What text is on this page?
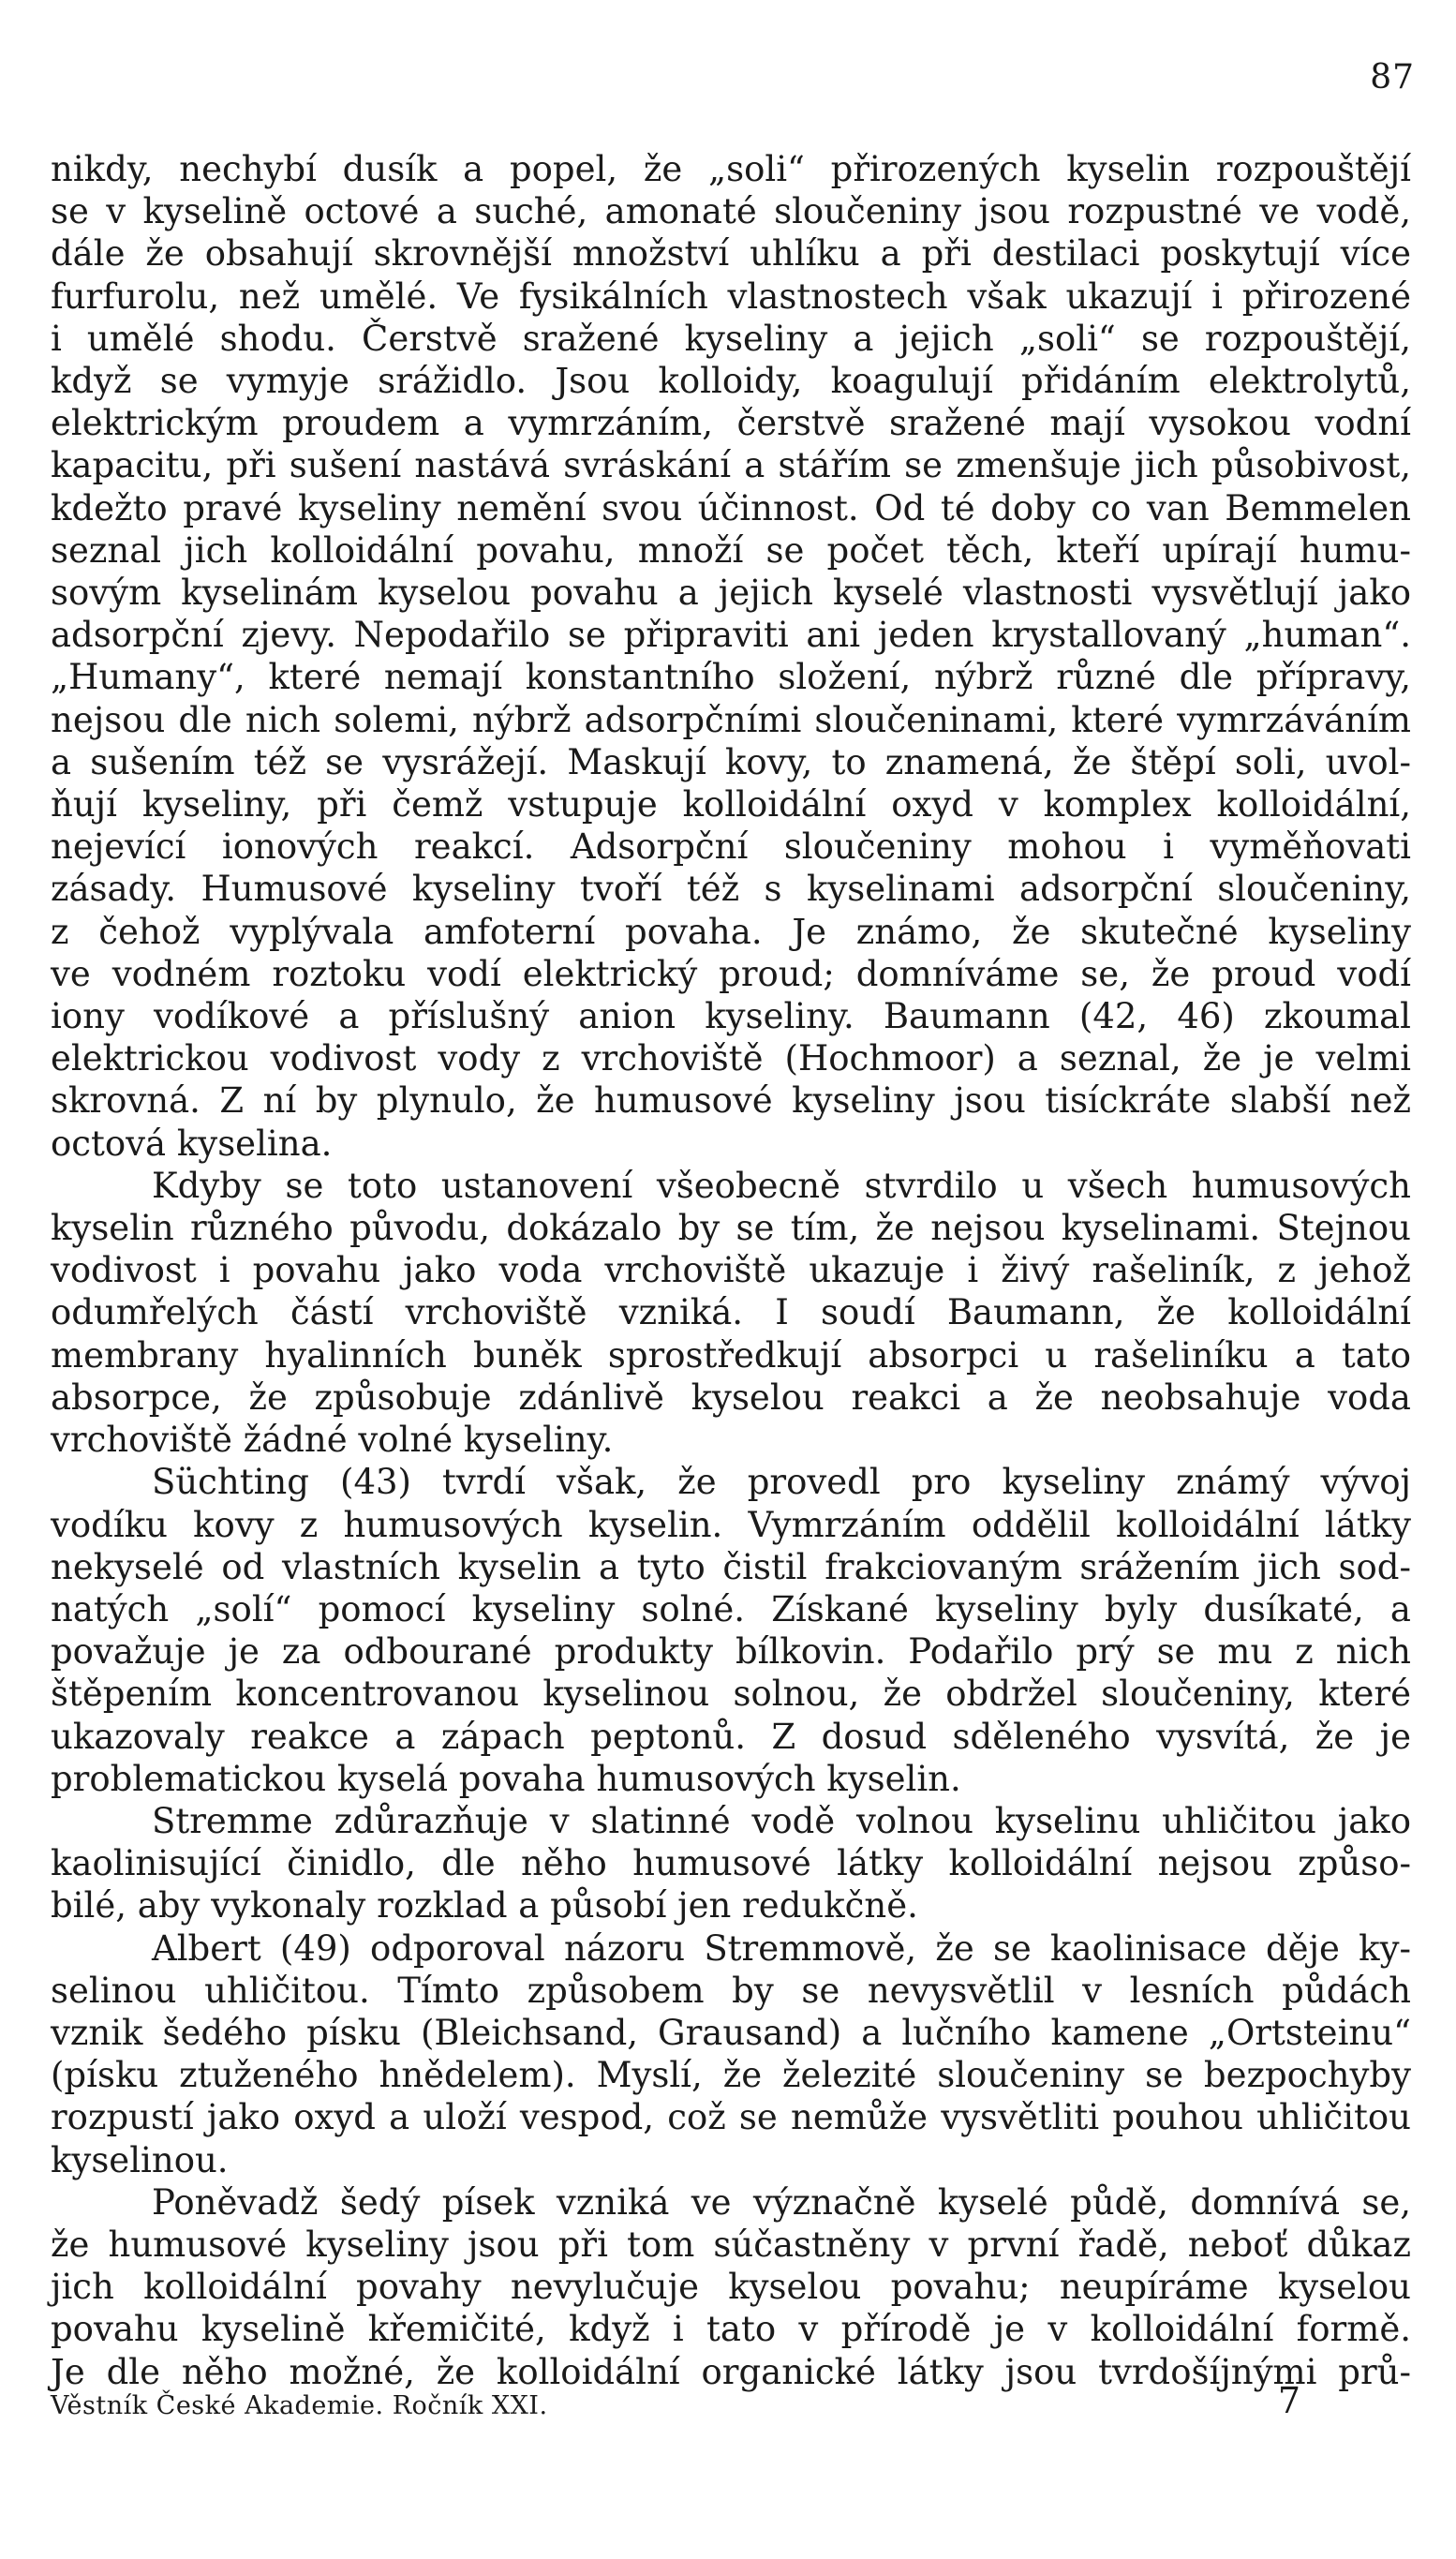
87
nikdy, nechybí dusík a popel, že „soli“ přirozených kyselin rozpouštějí
se v kyselině octové a suché, amonaté sloučeniny jsou rozpustné ve vodě,
dále že obsahují skrovnější množství uhlíku a při destilaci poskytují více
furfurolu, než umělé. Ve fysikálních vlastnostech však ukazují i přirozené
i umělé shodu. Čerstvě sražené kyseliny a jejich „soli“ se rozpouštějí,
když se vymyje srážidlo. Jsou kolloidy, koagulují přidáním elektrolytů,
elektrickým proudem a vymrzáním, čerstvě sražené mají vysokou vodní
kapacitu, při sušení nastává svráskání a stářím se zmenšuje jich působivost,
kdežto pravé kyseliny nemění svou účinnost. Od té doby co van Bemmelen
seznal jich kolloidální povahu, množí se počet těch, kteří upírají humu-
sovým kyselinám kyselou povahu a jejich kyselé vlastnosti vysvětlují jako
adsorpční zjevy. Nepodařilo se připraviti ani jeden krystallovaný „human“.
„Humany“, které nemají konstantního složení, nýbrž různé dle přípravy,
nejsou dle nich solemi, nýbrž adsorpčními sloučeninami, které vymrzáváním
a sušením též se vysrážejí. Maskují kovy, to znamená, že štěpí soli, uvol-
ňují kyseliny, při čemž vstupuje kolloidální oxyd v komplex kolloidální,
nejevící ionových reakcí. Adsorpční sloučeniny mohou i vyměňovati
zásady. Humusové kyseliny tvoří též s kyselinami adsorpční sloučeniny,
z čehož vyplývala amfoterní povaha. Je známo, že skutečné kyseliny
ve vodném roztoku vodí elektrický proud; domníváme se, že proud vodí
iony vodíkové a příslušný anion kyseliny. Baumann (42, 46) zkoumal
elektrickou vodivost vody z vrchoviště (Hochmoor) a seznal, že je velmi
skrovná. Z ní by plynulo, že humusové kyseliny jsou tisíckráte slabší než
octová kyselina.
Kdyby se toto ustanovení všeobecně stvrdilo u všech humusových
kyselin různého původu, dokázalo by se tím, že nejsou kyselinami. Stejnou
vodivost i povahu jako voda vrchoviště ukazuje i živý rašeliník, z jehož
odumřelých částí vrchoviště vzniká. I soudí Baumann, že kolloidální
membrany hyalinních buněk sprostředkují absorpci u rašeliníku a tato
absorpce, že způsobuje zdánlivě kyselou reakci a že neobsahuje voda
vrchoviště žádné volné kyseliny.
Süchting (43) tvrdí však, že provedl pro kyseliny známý vývoj
vodíku kovy z humusových kyselin. Vymrzáním oddělil kolloidální látky
nekyselé od vlastních kyselin a tyto čistil frakciovaným srážením jich sod-
natých „solí“ pomocí kyseliny solné. Získané kyseliny byly dusíkaté, a
považuje je za odbourané produkty bílkovin. Podařilo prý se mu z nich
štěpením koncentrovanou kyselinou solnou, že obdržel sloučeniny, které
ukazovaly reakce a zápach peptonů. Z dosud sděleného vysvítá, že je
problematickou kyselá povaha humusových kyselin.
Stremme zdůrazňuje v slatinné vodě volnou kyselinu uhličitou jako
kaolinisující činidlo, dle něho humusové látky kolloidální nejsou způso-
bilé, aby vykonaly rozklad a působí jen redukčně.
Albert (49) odporoval názoru Stremmově, že se kaolinisace děje ky-
selinou uhličitou. Tímto způsobem by se nevysvětlil v lesních půdách
vznik šedého písku (Bleichsand, Grausand) a lučního kamene „Ortsteinu“
(písku ztuženého hnědelem). Myslí, že železité sloučeniny se bezpochyby
rozpustí jako oxyd a uloží vespod, což se nemůže vysvětliti pouhou uhličitou
kyselinou.
Poněvadž šedý písek vzniká ve význačně kyselé půdě, domnívá se,
že humusové kyseliny jsou při tom súčastněny v první řadě, neboť důkaz
jich kolloidální povahy nevylučuje kyselou povahu; neupíráme kyselou
povahu kyselině křemičité, když i tato v přírodě je v kolloidální formě.
Je dle něho možné, že kolloidální organické látky jsou tvrdošíjnými prů-
Věstník České Akademie. Ročník XXI.	7
